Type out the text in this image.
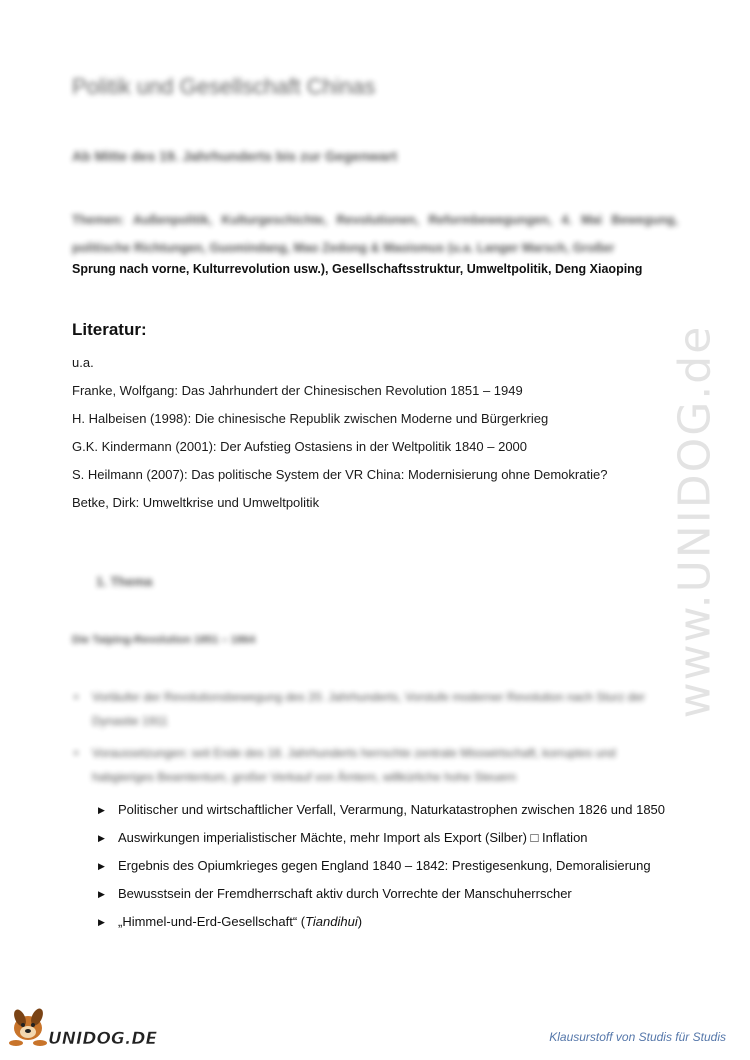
Politik und Gesellschaft Chinas
Ab Mitte des 19. Jahrhunderts bis zur Gegenwart
Themen: Außenpolitik, Kulturgeschichte, Revolutionen, Reformbewegungen, 4. Mai Bewegung, politische Richtungen, Guomindang, Mao Zedong & Maoismus (u.a. Langer Marsch, Großer
Sprung nach vorne, Kulturrevolution usw.), Gesellschaftsstruktur, Umweltpolitik, Deng Xiaoping
Literatur:
u.a.
Franke, Wolfgang: Das Jahrhundert der Chinesischen Revolution 1851 – 1949
H. Halbeisen (1998): Die chinesische Republik zwischen Moderne und Bürgerkrieg
G.K. Kindermann (2001): Der Aufstieg Ostasiens in der Weltpolitik 1840 – 2000
S. Heilmann (2007): Das politische System der VR China: Modernisierung ohne Demokratie?
Betke, Dirk: Umweltkrise und Umweltpolitik
1. Thema
Die Taiping-Revolution 1851 – 1864
• Vorläufer der Revolutionsbewegung des 20. Jahrhunderts, Vorstufe moderner Revolution nach Sturz der Dynastie 1911
• Voraussetzungen: seit Ende des 18. Jahrhunderts herrschte zentrale Misswirtschaft, korruptes und habgieriges Beamtentum, großer Verkauf von Ämtern, willkürliche hohe Steuern
▶ Politischer und wirtschaftlicher Verfall, Verarmung, Naturkatastrophen zwischen 1826 und 1850
▶ Auswirkungen imperialistischer Mächte, mehr Import als Export (Silber) □ Inflation
▶ Ergebnis des Opiumkrieges gegen England 1840 – 1842: Prestigesenkung, Demoralisierung
▶ Bewusstsein der Fremdherrschaft aktiv durch Vorrechte der Manschuherrscher
▶ „Himmel-und-Erd-Gesellschaft“ (Tiandihui)
www.UNIDOG.de
UNIDOG.DE	Klausurstoff von Studis für Studis
